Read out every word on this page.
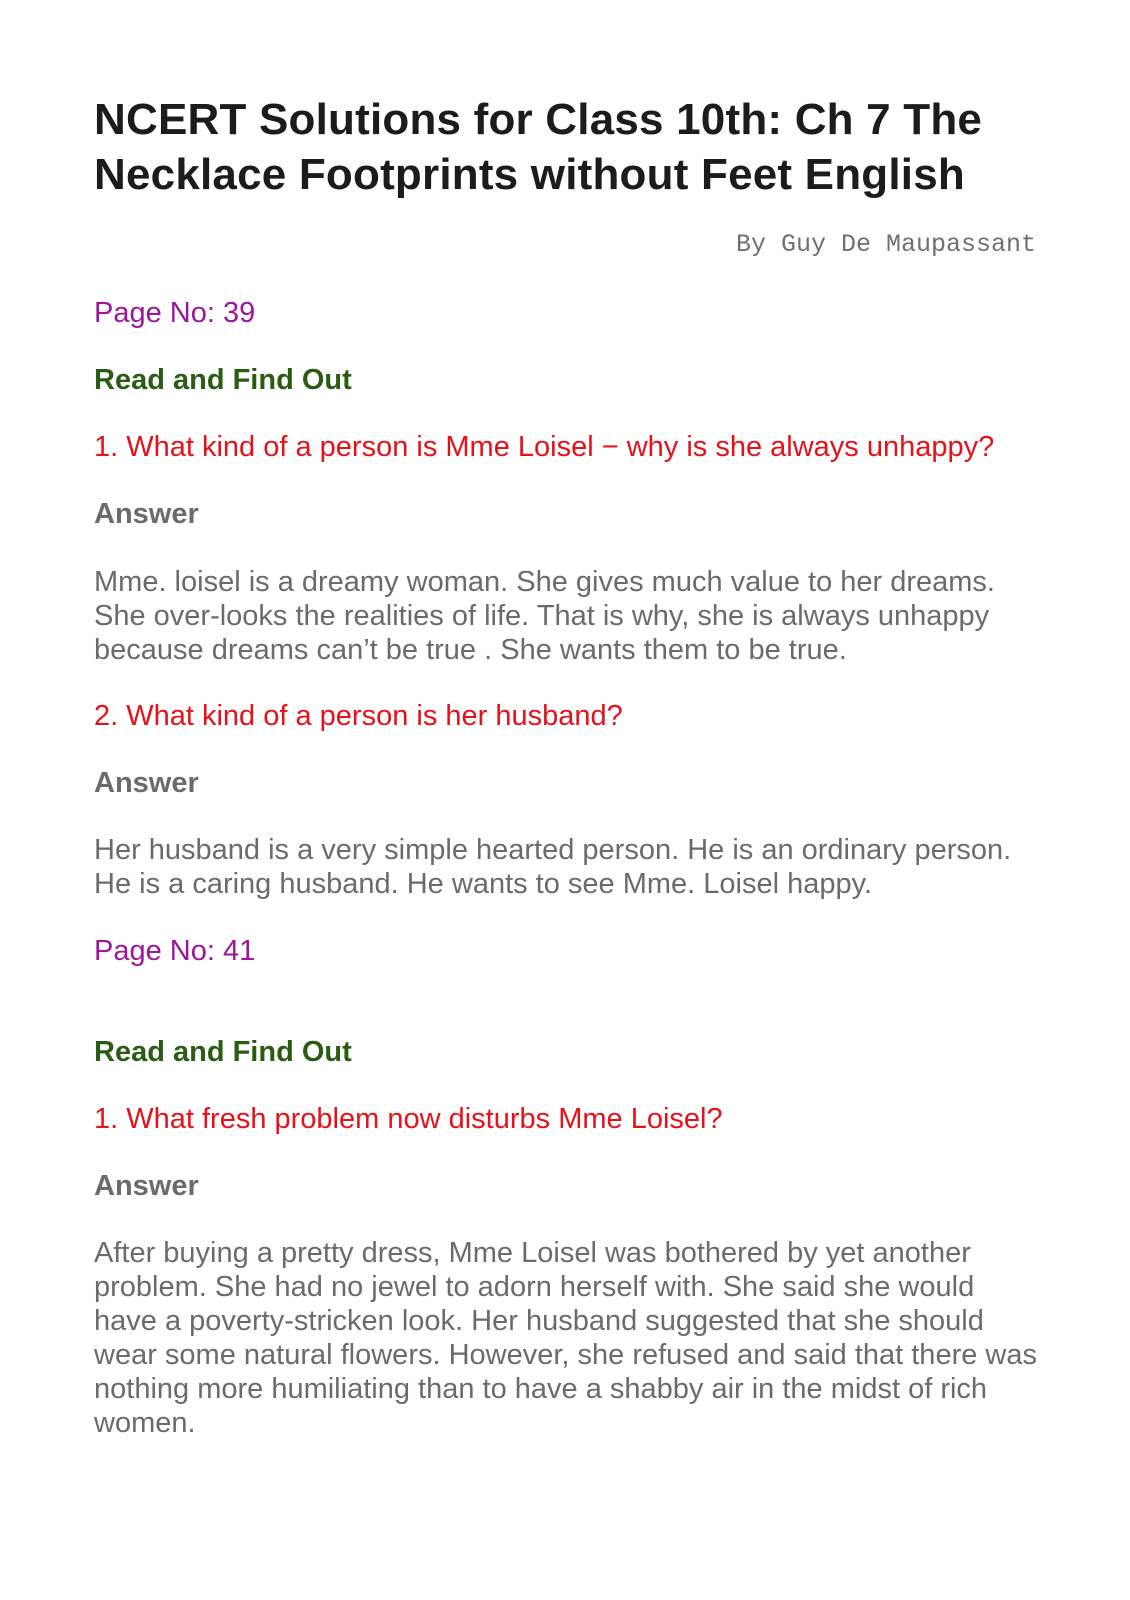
NCERT Solutions for Class 10th: Ch 7 The Necklace Footprints without Feet English

By Guy De Maupassant

Page No: 39

Read and Find Out

1. What kind of a person is Mme Loisel − why is she always unhappy?

Answer

Mme. loisel is a dreamy woman. She gives much value to her dreams. She over-looks the realities of life. That is why, she is always unhappy because dreams can’t be true . She wants them to be true.

2. What kind of a person is her husband?

Answer

Her husband is a very simple hearted person. He is an ordinary person. He is a caring husband. He wants to see Mme. Loisel happy.

Page No: 41

Read and Find Out

1. What fresh problem now disturbs Mme Loisel?

Answer

After buying a pretty dress, Mme Loisel was bothered by yet another problem. She had no jewel to adorn herself with. She said she would have a poverty-stricken look. Her husband suggested that she should wear some natural flowers. However, she refused and said that there was nothing more humiliating than to have a shabby air in the midst of rich women.
